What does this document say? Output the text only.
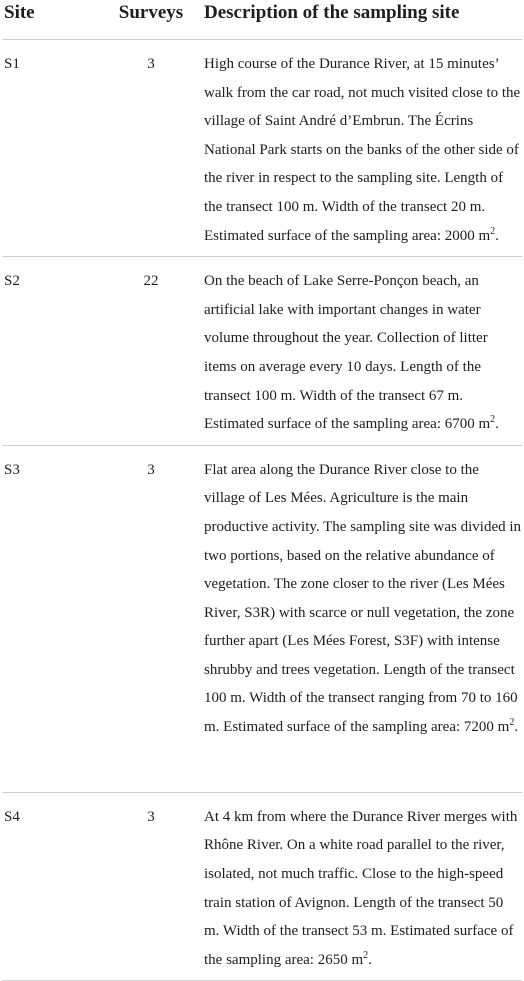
Site	Surveys	Description of the sampling site
S1	3	High course of the Durance River, at 15 minutes’ walk from the car road, not much visited close to the village of Saint André d’Embrun. The Écrins National Park starts on the banks of the other side of the river in respect to the sampling site. Length of the transect 100 m. Width of the transect 20 m. Estimated surface of the sampling area: 2000 $m^2$.
S2	22	On the beach of Lake Serre-Ponçon beach, an artificial lake with important changes in water volume throughout the year. Collection of litter items on average every 10 days. Length of the transect 100 m. Width of the transect 67 m. Estimated surface of the sampling area: 6700 $m^2$.
S3	3	Flat area along the Durance River close to the village of Les Mées. Agriculture is the main productive activity. The sampling site was divided in two portions, based on the relative abundance of vegetation. The zone closer to the river (Les Mées River, S3R) with scarce or null vegetation, the zone further apart (Les Mées Forest, S3F) with intense shrubby and trees vegetation. Length of the transect 100 m. Width of the transect ranging from 70 to 160 m. Estimated surface of the sampling area: 7200 $m^2$.
S4	3	At 4 km from where the Durance River merges with Rhône River. On a white road parallel to the river, isolated, not much traffic. Close to the high-speed train station of Avignon. Length of the transect 50 m. Width of the transect 53 m. Estimated surface of the sampling area: 2650 $m^2$.
